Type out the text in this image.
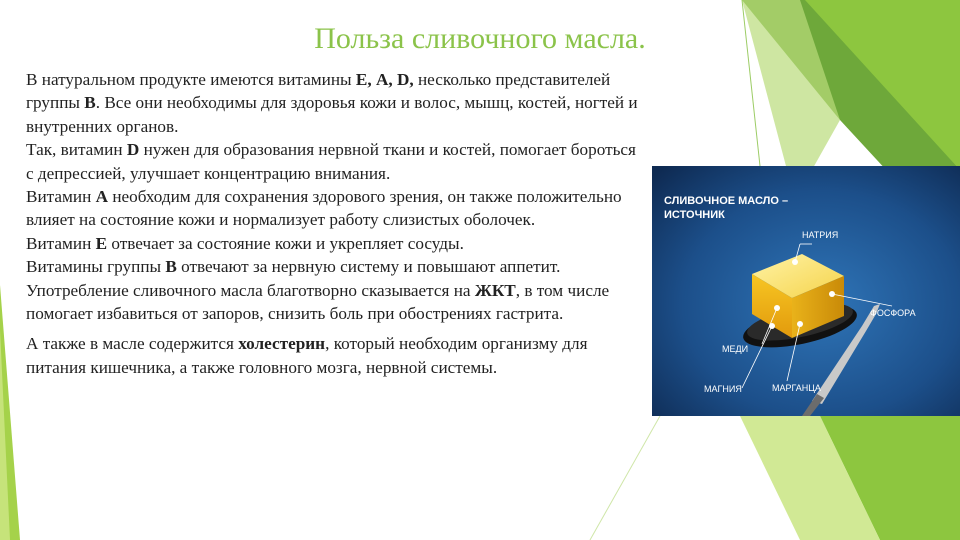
Польза сливочного масла.

В натуральном продукте имеются витамины Е, А, D, несколько представителей группы В. Все они необходимы для здоровья кожи и волос, мышц, костей, ногтей и внутренних органов.

Так, витамин D нужен для образования нервной ткани и костей, помогает бороться с депрессией, улучшает концентрацию внимания.

Витамин А необходим для сохранения здорового зрения, он также положительно влияет на состояние кожи и нормализует работу слизистых оболочек.

Витамин Е отвечает за состояние кожи и укрепляет сосуды.

Витамины группы В отвечают за нервную систему и повышают аппетит.

Употребление сливочного масла благотворно сказывается на ЖКТ, в том числе помогает избавиться от запоров, снизить боль при обострениях гастрита.

А также в масле содержится холестерин, который необходим организму для питания кишечника, а также головного мозга, нервной системы.

СЛИВОЧНОЕ МАСЛО –
ИСТОЧНИК
НАТРИЯ
ФОСФОРА
МЕДИ
МАГНИЯ	МАРГАНЦА
